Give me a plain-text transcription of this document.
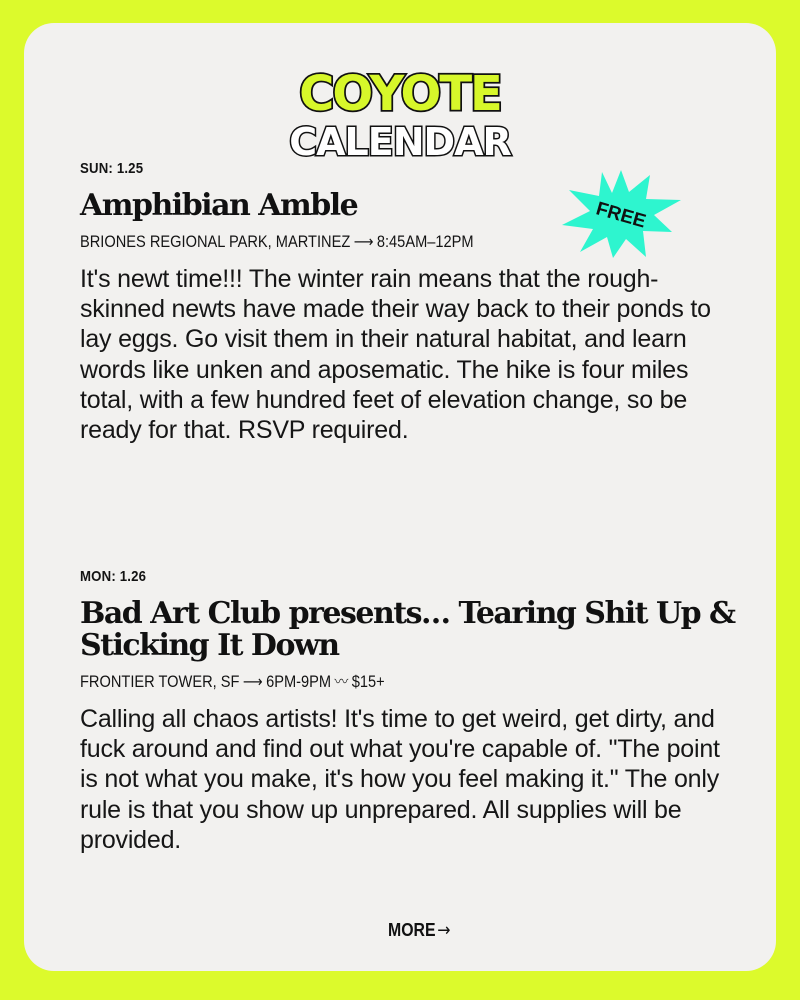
COYOTE
CALENDAR
SUN: 1.25
Amphibian Amble
BRIONES REGIONAL PARK, MARTINEZ ⟶ 8:45AM–12PM
It's newt time!!! The winter rain means that the rough-skinned newts have made their way back to their ponds to lay eggs. Go visit them in their natural habitat, and learn words like unken and aposematic. The hike is four miles total, with a few hundred feet of elevation change, so be ready for that. RSVP required.
FREE
MON: 1.26
Bad Art Club presents… Tearing Shit Up & Sticking It Down
FRONTIER TOWER, SF ⟶ 6PM-9PM 〰 $15+
Calling all chaos artists! It's time to get weird, get dirty, and fuck around and find out what you're capable of. "The point is not what you make, it's how you feel making it." The only rule is that you show up unprepared. All supplies will be provided.
MORE→
